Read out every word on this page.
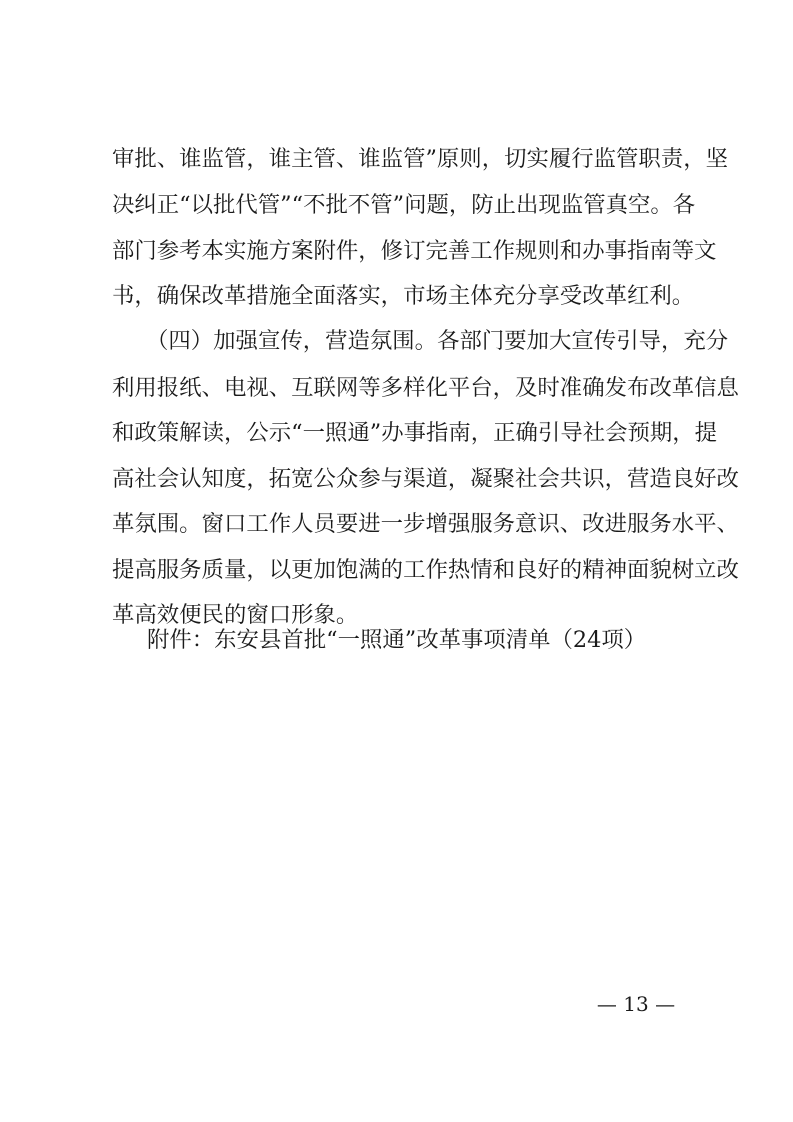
审批、谁监管，谁主管、谁监管”原则，切实履行监管职责，坚
决纠正“以批代管”“不批不管”问题，防止出现监管真空。各
部门参考本实施方案附件，修订完善工作规则和办事指南等文
书，确保改革措施全面落实，市场主体充分享受改革红利。
（四）加强宣传，营造氛围。各部门要加大宣传引导，充分
利用报纸、电视、互联网等多样化平台，及时准确发布改革信息
和政策解读，公示“一照通”办事指南，正确引导社会预期，提
高社会认知度，拓宽公众参与渠道，凝聚社会共识，营造良好改
革氛围。窗口工作人员要进一步增强服务意识、改进服务水平、
提高服务质量，以更加饱满的工作热情和良好的精神面貌树立改
革高效便民的窗口形象。
附件：东安县首批“一照通”改革事项清单（24项）
— 13 —
